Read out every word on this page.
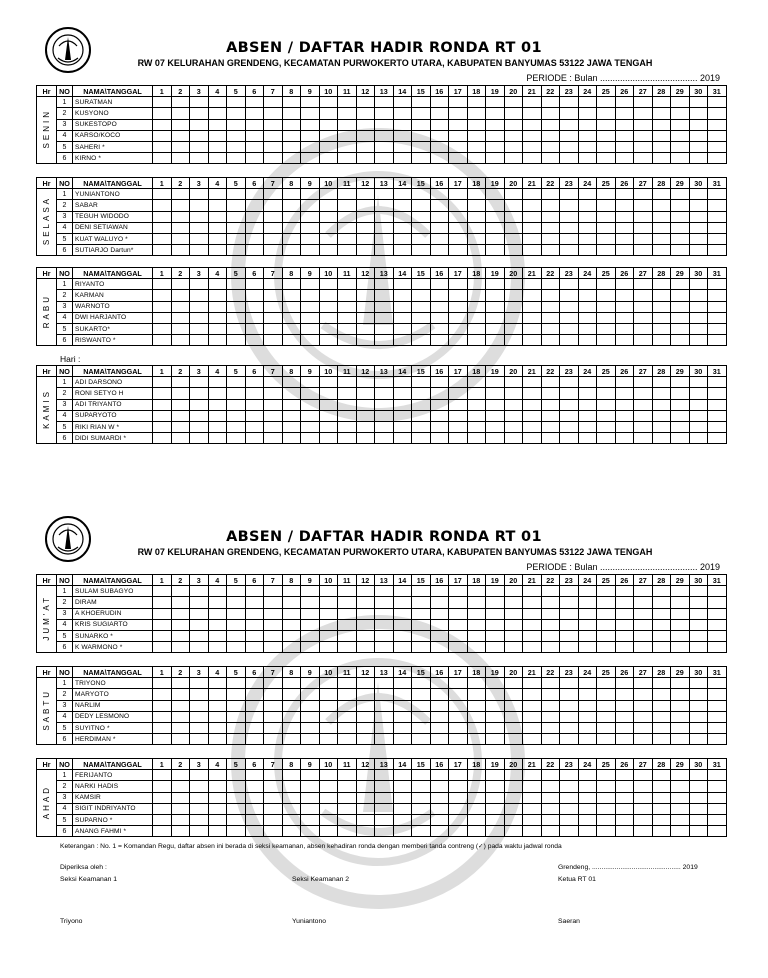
ABSEN / DAFTAR HADIR RONDA RT 01
RW 07 KELURAHAN GRENDENG, KECAMATAN PURWOKERTO UTARA, KABUPATEN BANYUMAS 53122 JAWA TENGAH
PERIODE : Bulan ....................................... 2019
ABSEN / DAFTAR HADIR RONDA RT 01
RW 07 KELURAHAN GRENDENG, KECAMATAN PURWOKERTO UTARA, KABUPATEN BANYUMAS 53122 JAWA TENGAH
PERIODE : Bulan ....................................... 2019
Hari :
Hr	NO	NAMA\TANGGAL	1	2	3	4	5	6	7	8	9	10	11	12	13	14	15	16	17	18	19	20	21	22	23	24	25	26	27	28	29	30	31
SENIN	1	SURATMAN																															
	2	KUSYONO																															
	3	SUKESTOPO																															
	4	KARSO/KOCO																															
	5	SAHERI *																															
	6	KIRNO *																															
Hr	NO	NAMA\TANGGAL	1	2	3	4	5	6	7	8	9	10	11	12	13	14	15	16	17	18	19	20	21	22	23	24	25	26	27	28	29	30	31
SELASA	1	YUNIANTONO																															
	2	SABAR																															
	3	TEGUH WIDODO																															
	4	DENI SETIAWAN																															
	5	KUAT WALUYO *																															
	6	SUTIARJO Dartun*																															
Hr	NO	NAMA\TANGGAL	1	2	3	4	5	6	7	8	9	10	11	12	13	14	15	16	17	18	19	20	21	22	23	24	25	26	27	28	29	30	31
RABU	1	RIYANTO																															
	2	KARMAN																															
	3	WARNOTO																															
	4	DWI HARJANTO																															
	5	SUKARTO*																															
	6	RISWANTO *																															
Hr	NO	NAMA\TANGGAL	1	2	3	4	5	6	7	8	9	10	11	12	13	14	15	16	17	18	19	20	21	22	23	24	25	26	27	28	29	30	31
KAMIS	1	ADI DARSONO																															
	2	RONI SETYO H																															
	3	ADI TRIYANTO																															
	4	SUPARYOTO																															
	5	RIKI RIAN W *																															
	6	DIDI SUMARDI *																															
Hr	NO	NAMA\TANGGAL	1	2	3	4	5	6	7	8	9	10	11	12	13	14	15	16	17	18	19	20	21	22	23	24	25	26	27	28	29	30	31
JUM'AT	1	SULAM SUBAGYO																															
	2	DIRAM																															
	3	A KHOERUDIN																															
	4	KRIS SUGIARTO																															
	5	SUNARKO *																															
	6	K WARMONO *																															
Hr	NO	NAMA\TANGGAL	1	2	3	4	5	6	7	8	9	10	11	12	13	14	15	16	17	18	19	20	21	22	23	24	25	26	27	28	29	30	31
SABTU	1	TRIYONO																															
	2	MARYOTO																															
	3	NARLIM																															
	4	DEDY LESMONO																															
	5	SUYITNO *																															
	6	HERDIMAN *																															
Hr	NO	NAMA\TANGGAL	1	2	3	4	5	6	7	8	9	10	11	12	13	14	15	16	17	18	19	20	21	22	23	24	25	26	27	28	29	30	31
AHAD	1	FERIJANTO																															
	2	NARKI HADIS																															
	3	KAMSIR																															
	4	SIGIT INDRIYANTO																															
	5	SUPARNO *																															
	6	ANANG FAHMI *																															
Keterangan : No. 1 = Komandan Regu, daftar absen ini berada di seksi keamanan, absen kehadiran ronda dengan memberi tanda contreng (✓) pada waktu jadwal ronda
Diperiksa oleh :	Grendeng, ............................................... 2019
Seksi Keamanan 1	Seksi Keamanan 2	Ketua RT 01
Triyono	Yuniantono	Saeran
